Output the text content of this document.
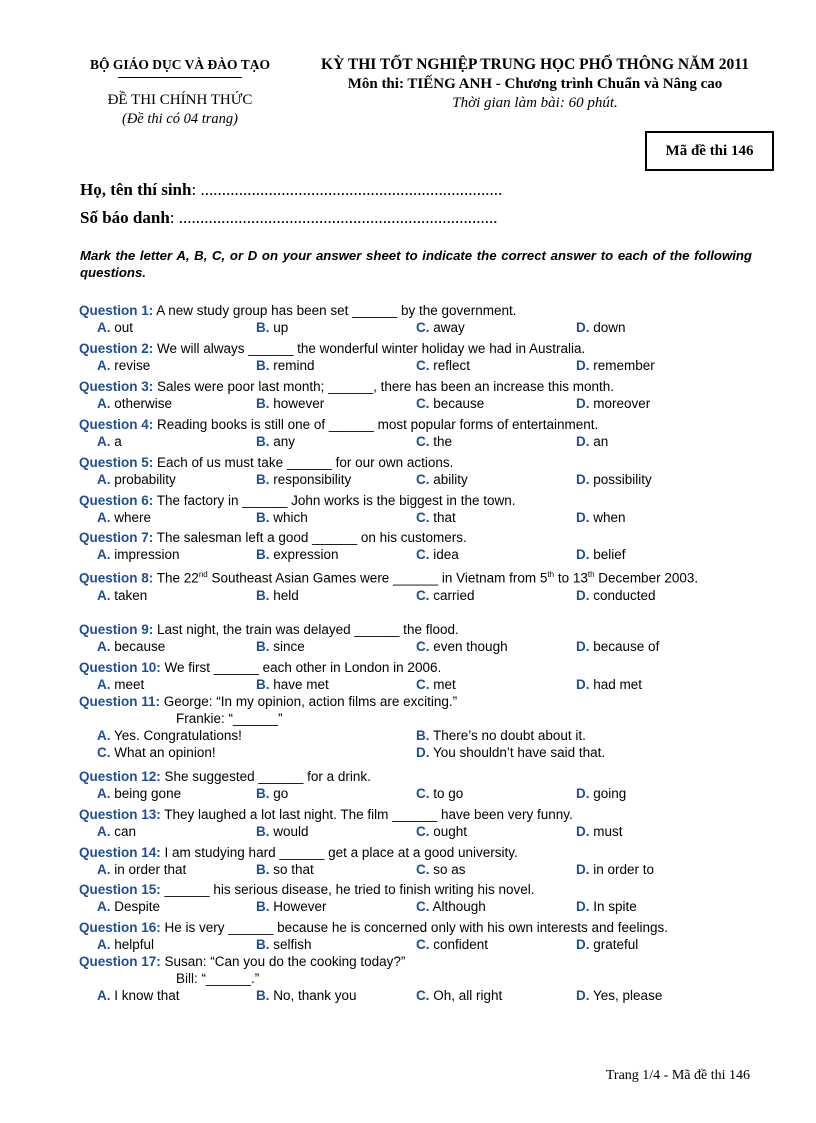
BỘ GIÁO DỤC VÀ ĐÀO TẠO
ĐỀ THI CHÍNH THỨC
(Đề thi có 04 trang)
KỲ THI TỐT NGHIỆP TRUNG HỌC PHỔ THÔNG NĂM 2011
Môn thi: TIẾNG ANH - Chương trình Chuẩn và Nâng cao
Thời gian làm bài: 60 phút.
Mã đề thi 146
Họ, tên thí sinh: .......................................................................
Số báo danh: ...........................................................................
Mark the letter A, B, C, or D on your answer sheet to indicate the correct answer to each of the following questions.
Question 1: A new study group has been set ______ by the government.
A. out	B. up	C. away	D. down
Question 2: We will always ______ the wonderful winter holiday we had in Australia.
A. revise	B. remind	C. reflect	D. remember
Question 3: Sales were poor last month; ______, there has been an increase this month.
A. otherwise	B. however	C. because	D. moreover
Question 4: Reading books is still one of ______ most popular forms of entertainment.
A. a	B. any	C. the	D. an
Question 5: Each of us must take ______ for our own actions.
A. probability	B. responsibility	C. ability	D. possibility
Question 6: The factory in ______ John works is the biggest in the town.
A. where	B. which	C. that	D. when
Question 7: The salesman left a good ______ on his customers.
A. impression	B. expression	C. idea	D. belief
Question 8: The 22nd Southeast Asian Games were ______ in Vietnam from 5th to 13th December 2003.
A. taken	B. held	C. carried	D. conducted
Question 9: Last night, the train was delayed ______ the flood.
A. because	B. since	C. even though	D. because of
Question 10: We first ______ each other in London in 2006.
A. meet	B. have met	C. met	D. had met
Question 11: George: “In my opinion, action films are exciting.”
Frankie: “______”
A. Yes. Congratulations!	B. There’s no doubt about it.
C. What an opinion!	D. You shouldn’t have said that.
Question 12: She suggested ______ for a drink.
A. being gone	B. go	C. to go	D. going
Question 13: They laughed a lot last night. The film ______ have been very funny.
A. can	B. would	C. ought	D. must
Question 14: I am studying hard ______ get a place at a good university.
A. in order that	B. so that	C. so as	D. in order to
Question 15: ______ his serious disease, he tried to finish writing his novel.
A. Despite	B. However	C. Although	D. In spite
Question 16: He is very ______ because he is concerned only with his own interests and feelings.
A. helpful	B. selfish	C. confident	D. grateful
Question 17: Susan: “Can you do the cooking today?”
Bill: “______.”
A. I know that	B. No, thank you	C. Oh, all right	D. Yes, please
Trang 1/4 - Mã đề thi 146
